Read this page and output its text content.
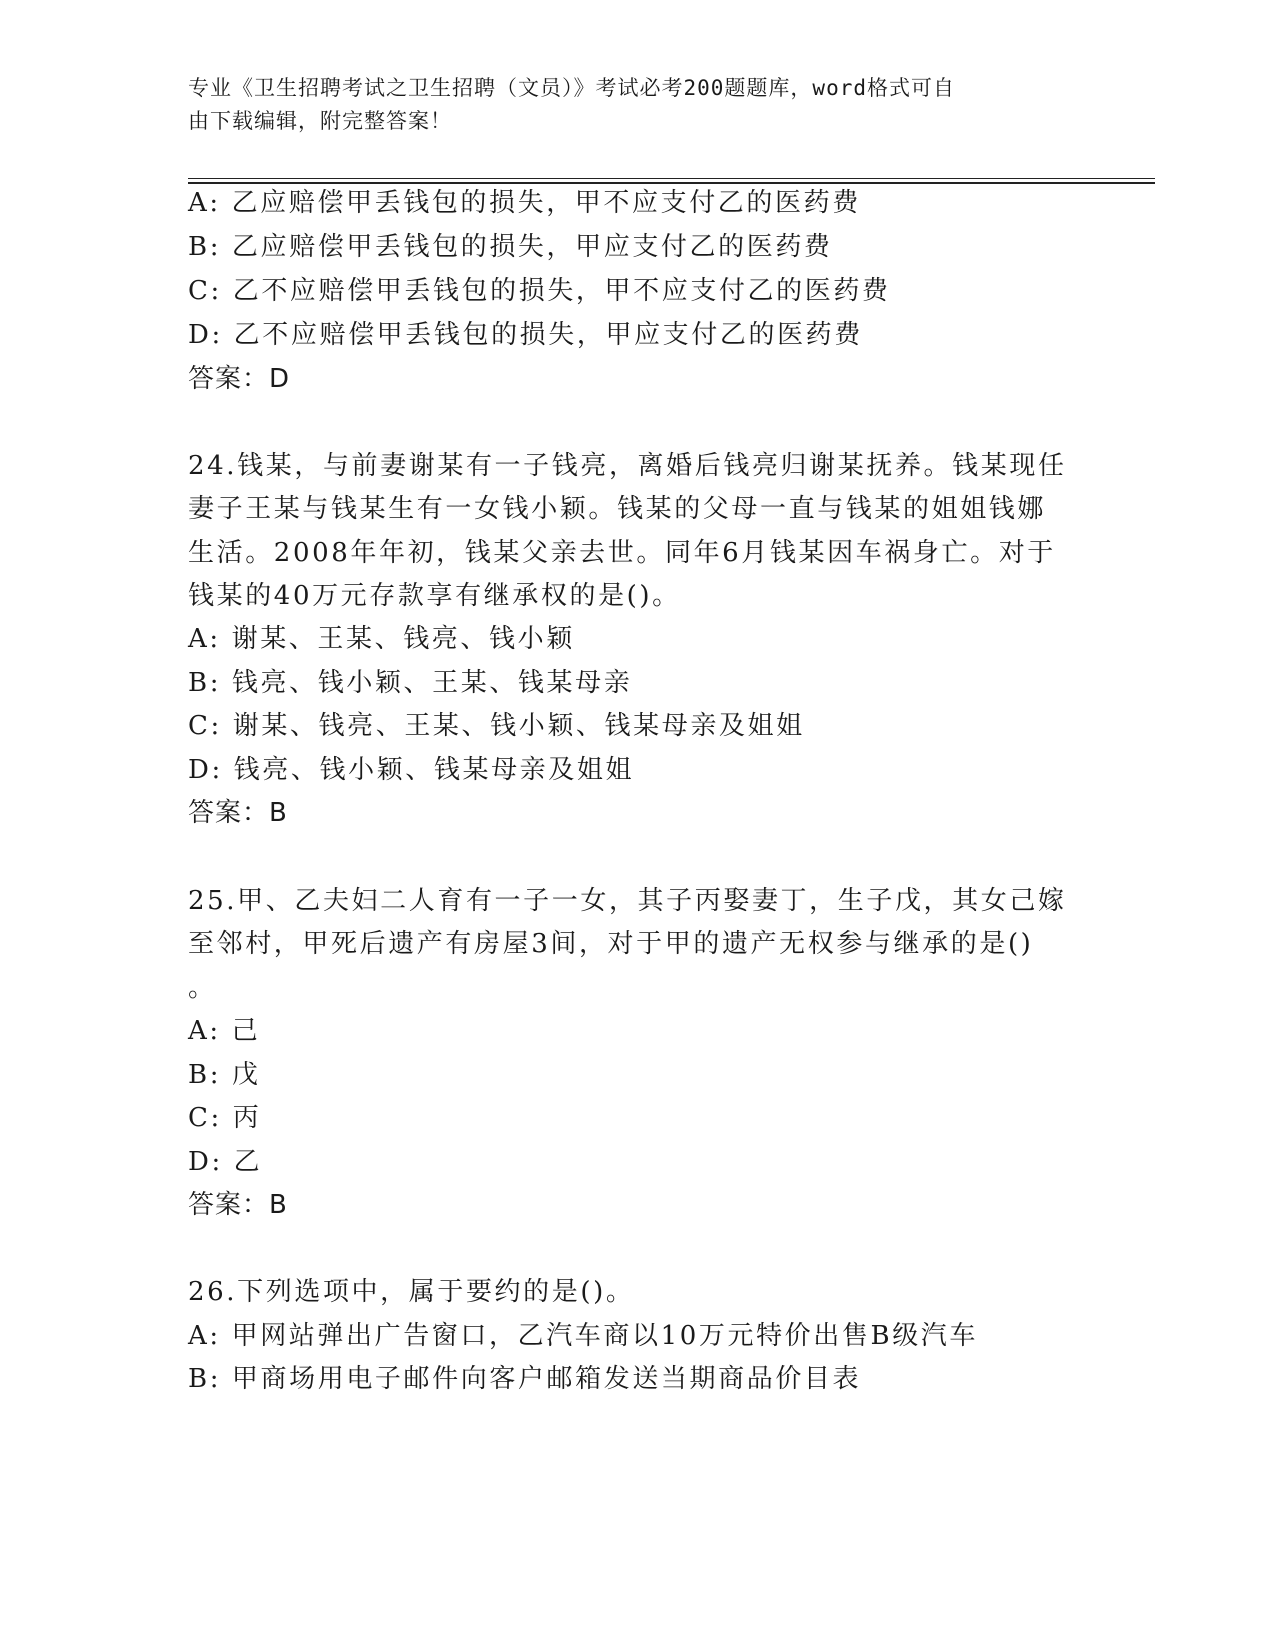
专业《卫生招聘考试之卫生招聘（文员）》考试必考200题题库，word格式可自
由下载编辑，附完整答案！
A: 乙应赔偿甲丢钱包的损失，甲不应支付乙的医药费
B: 乙应赔偿甲丢钱包的损失，甲应支付乙的医药费
C: 乙不应赔偿甲丢钱包的损失，甲不应支付乙的医药费
D: 乙不应赔偿甲丢钱包的损失，甲应支付乙的医药费
答案：D
24.钱某，与前妻谢某有一子钱亮，离婚后钱亮归谢某抚养。钱某现任
妻子王某与钱某生有一女钱小颖。钱某的父母一直与钱某的姐姐钱娜
生活。2008年年初，钱某父亲去世。同年6月钱某因车祸身亡。对于
钱某的40万元存款享有继承权的是()。
A: 谢某、王某、钱亮、钱小颖
B: 钱亮、钱小颖、王某、钱某母亲
C: 谢某、钱亮、王某、钱小颖、钱某母亲及姐姐
D: 钱亮、钱小颖、钱某母亲及姐姐
答案：B
25.甲、乙夫妇二人育有一子一女，其子丙娶妻丁，生子戊，其女己嫁
至邻村，甲死后遗产有房屋3间，对于甲的遗产无权参与继承的是()
。
A: 己
B: 戊
C: 丙
D: 乙
答案：B
26.下列选项中，属于要约的是()。
A: 甲网站弹出广告窗口，乙汽车商以10万元特价出售B级汽车
B: 甲商场用电子邮件向客户邮箱发送当期商品价目表
